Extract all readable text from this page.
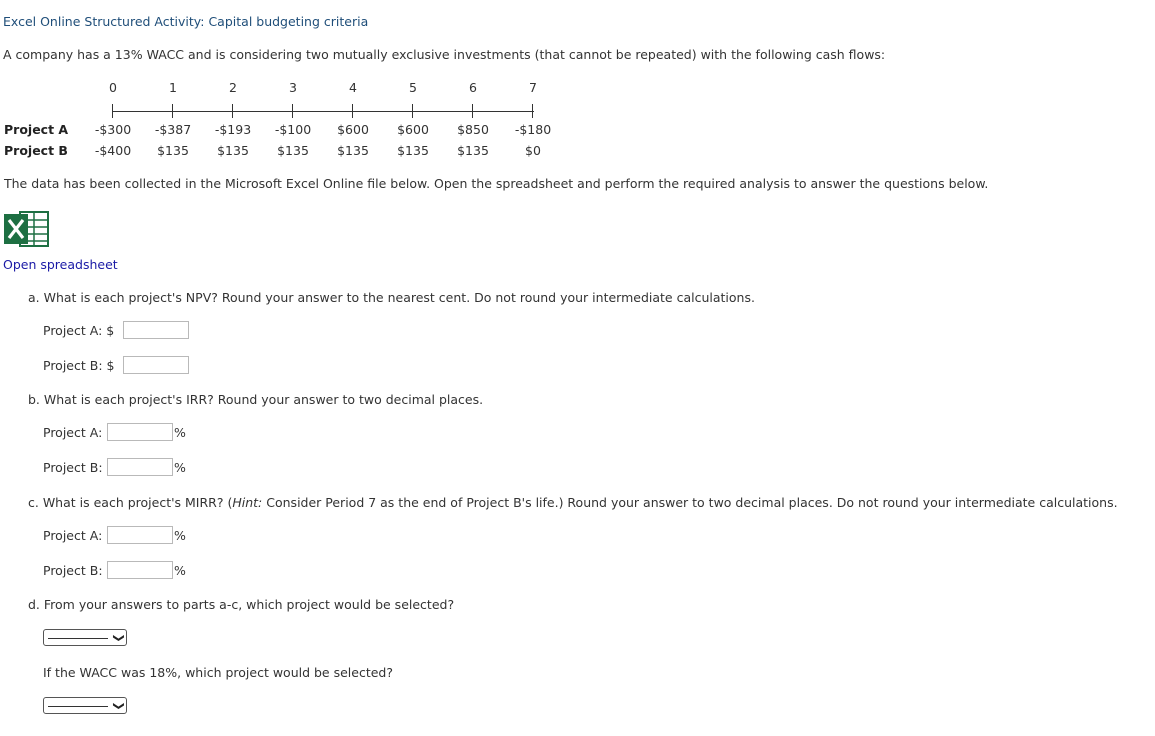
Excel Online Structured Activity: Capital budgeting criteria
A company has a 13% WACC and is considering two mutually exclusive investments (that cannot be repeated) with the following cash flows:
0	1	2	3	4	5	6	7
Project A	-$300	-$387	-$193	-$100	$600	$600	$850	-$180
Project B	-$400	$135	$135	$135	$135	$135	$135	$0
The data has been collected in the Microsoft Excel Online file below. Open the spreadsheet and perform the required analysis to answer the questions below.
Open spreadsheet
a. What is each project's NPV? Round your answer to the nearest cent. Do not round your intermediate calculations.
Project A: $
Project B: $
b. What is each project's IRR? Round your answer to two decimal places.
Project A:	%
Project B:	%
c. What is each project's MIRR? (Hint: Consider Period 7 as the end of Project B's life.) Round your answer to two decimal places. Do not round your intermediate calculations.
Project A:	%
Project B:	%
d. From your answers to parts a-c, which project would be selected?
❯
If the WACC was 18%, which project would be selected?
❯
